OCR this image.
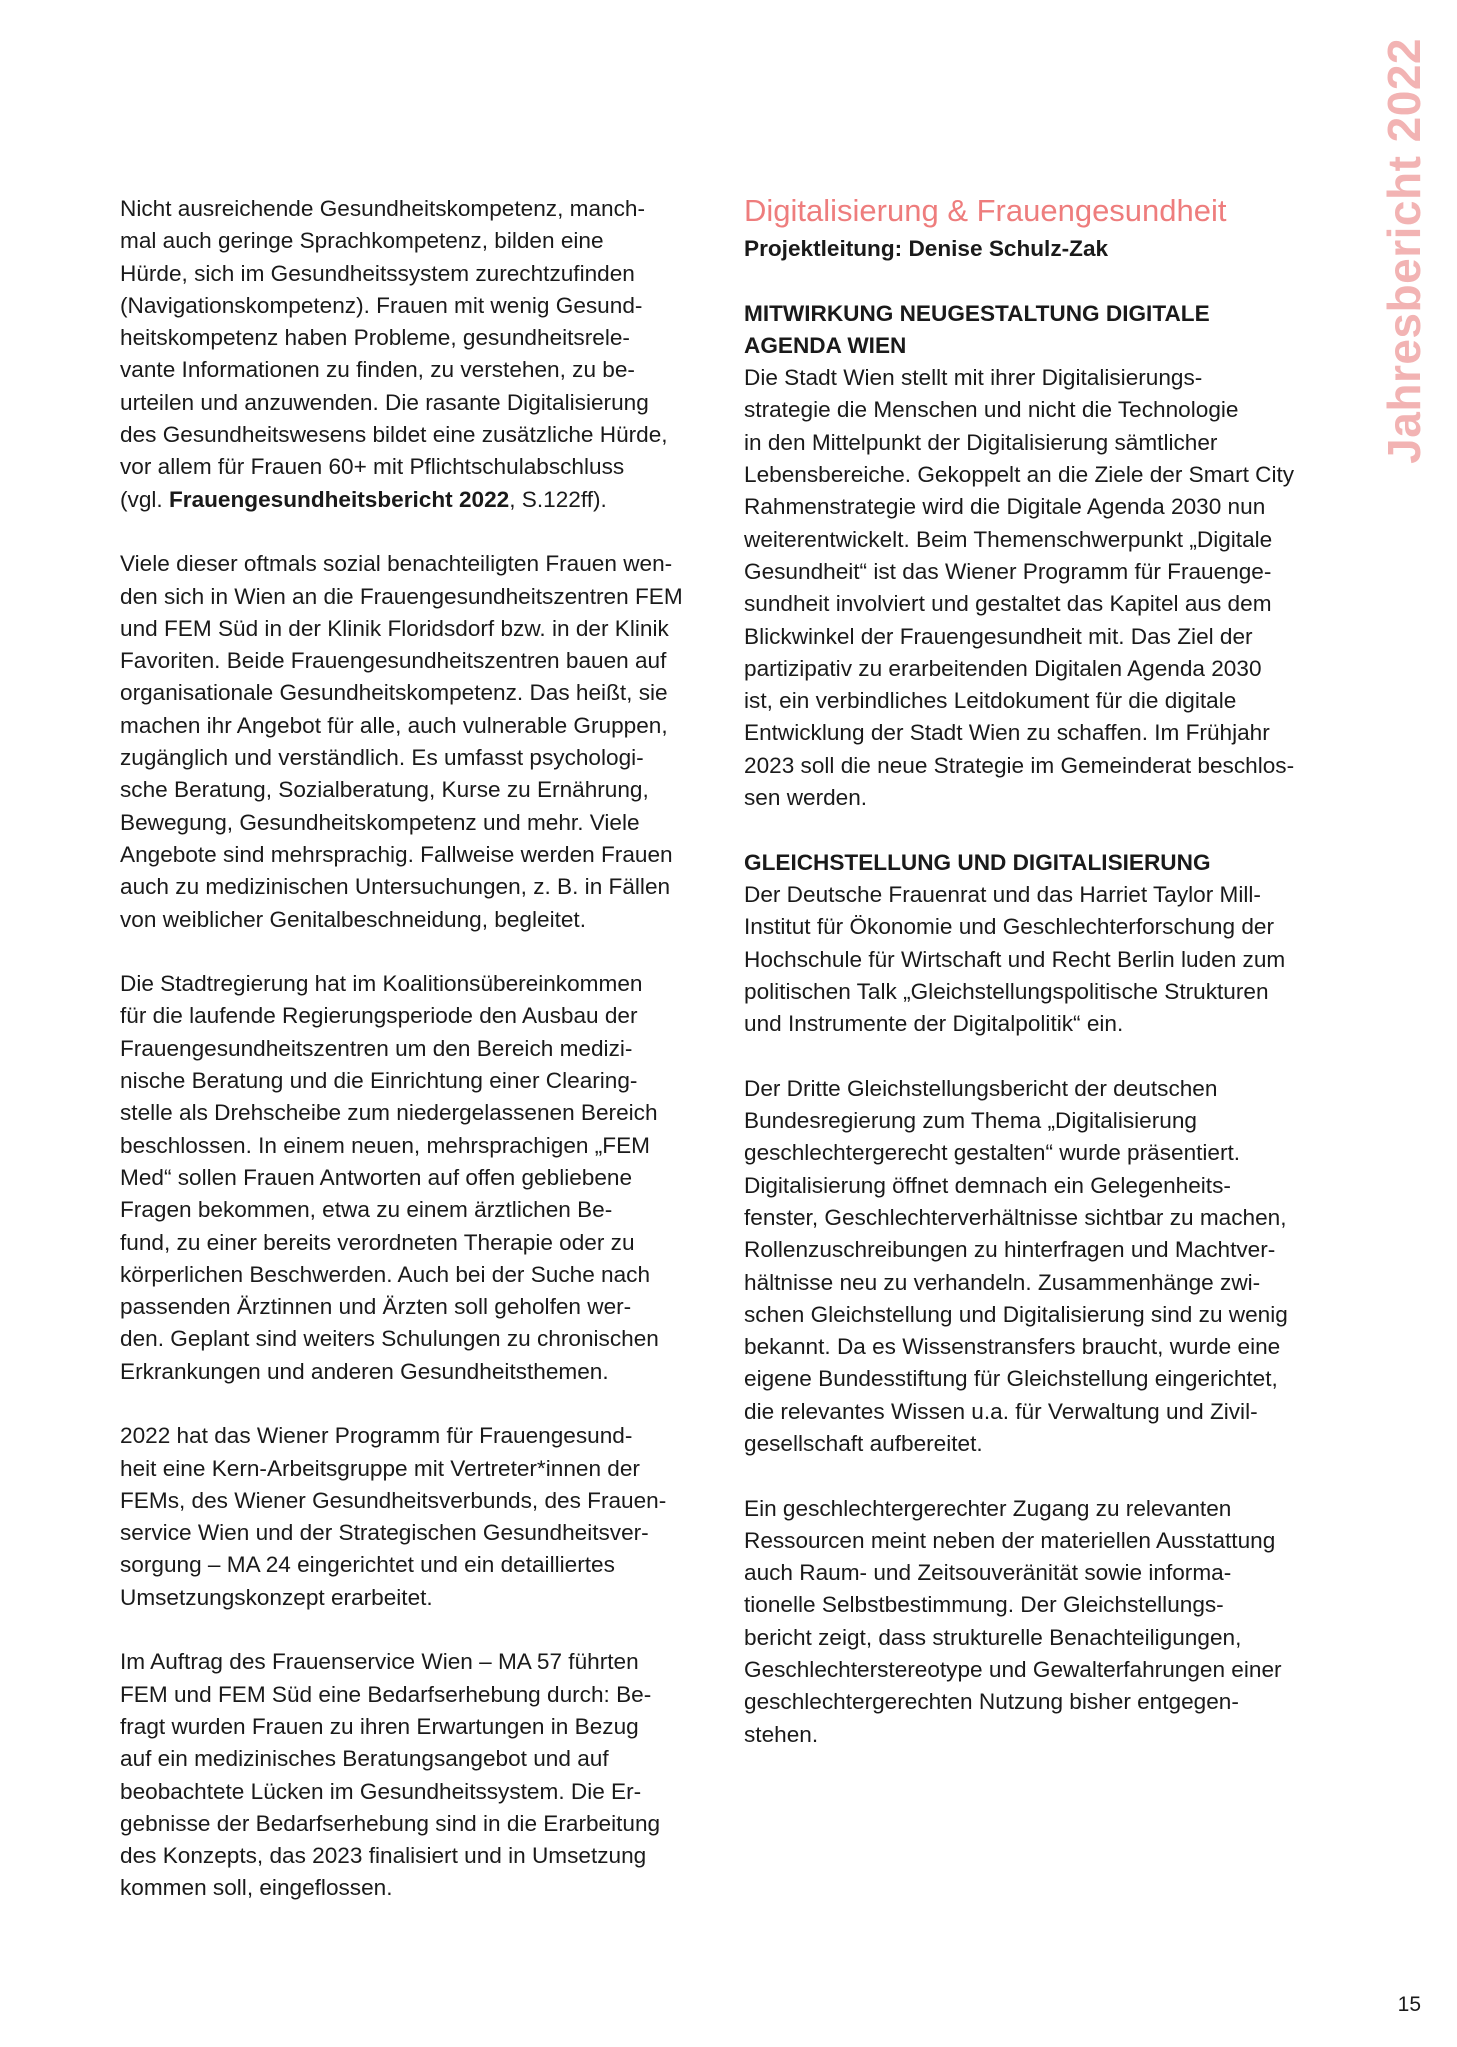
Jahresbericht 2022

Nicht ausreichende Gesundheitskompetenz, manch-
mal auch geringe Sprachkompetenz, bilden eine
Hürde, sich im Gesundheitssystem zurechtzufinden
(Navigationskompetenz). Frauen mit wenig Gesund-
heitskompetenz haben Probleme, gesundheitsrele-
vante Informationen zu finden, zu verstehen, zu be-
urteilen und anzuwenden. Die rasante Digitalisierung
des Gesundheitswesens bildet eine zusätzliche Hürde,
vor allem für Frauen 60+ mit Pflichtschulabschluss
(vgl. Frauengesundheitsbericht 2022, S.122ff).

Viele dieser oftmals sozial benachteiligten Frauen wen-
den sich in Wien an die Frauengesundheitszentren FEM
und FEM Süd in der Klinik Floridsdorf bzw. in der Klinik
Favoriten. Beide Frauengesundheitszentren bauen auf
organisationale Gesundheitskompetenz. Das heißt, sie
machen ihr Angebot für alle, auch vulnerable Gruppen,
zugänglich und verständlich. Es umfasst psychologi-
sche Beratung, Sozialberatung, Kurse zu Ernährung,
Bewegung, Gesundheitskompetenz und mehr. Viele
Angebote sind mehrsprachig. Fallweise werden Frauen
auch zu medizinischen Untersuchungen, z. B. in Fällen
von weiblicher Genitalbeschneidung, begleitet.

Die Stadtregierung hat im Koalitionsübereinkommen
für die laufende Regierungsperiode den Ausbau der
Frauengesundheitszentren um den Bereich medizi-
nische Beratung und die Einrichtung einer Clearing-
stelle als Drehscheibe zum niedergelassenen Bereich
beschlossen. In einem neuen, mehrsprachigen „FEM
Med“ sollen Frauen Antworten auf offen gebliebene
Fragen bekommen, etwa zu einem ärztlichen Be-
fund, zu einer bereits verordneten Therapie oder zu
körperlichen Beschwerden. Auch bei der Suche nach
passenden Ärztinnen und Ärzten soll geholfen wer-
den. Geplant sind weiters Schulungen zu chronischen
Erkrankungen und anderen Gesundheitsthemen.

2022 hat das Wiener Programm für Frauengesund-
heit eine Kern-Arbeitsgruppe mit Vertreter*innen der
FEMs, des Wiener Gesundheitsverbunds, des Frauen-
service Wien und der Strategischen Gesundheitsver-
sorgung – MA 24 eingerichtet und ein detailliertes
Umsetzungskonzept erarbeitet.

Im Auftrag des Frauenservice Wien – MA 57 führten
FEM und FEM Süd eine Bedarfserhebung durch: Be-
fragt wurden Frauen zu ihren Erwartungen in Bezug
auf ein medizinisches Beratungsangebot und auf
beobachtete Lücken im Gesundheitssystem. Die Er-
gebnisse der Bedarfserhebung sind in die Erarbeitung
des Konzepts, das 2023 finalisiert und in Umsetzung
kommen soll, eingeflossen.

Digitalisierung & Frauengesundheit
Projektleitung: Denise Schulz-Zak
MITWIRKUNG NEUGESTALTUNG DIGITALE
AGENDA WIEN

Die Stadt Wien stellt mit ihrer Digitalisierungs-
strategie die Menschen und nicht die Technologie
in den Mittelpunkt der Digitalisierung sämtlicher
Lebensbereiche. Gekoppelt an die Ziele der Smart City
Rahmenstrategie wird die Digitale Agenda 2030 nun
weiterentwickelt. Beim Themenschwerpunkt „Digitale
Gesundheit“ ist das Wiener Programm für Frauenge-
sundheit involviert und gestaltet das Kapitel aus dem
Blickwinkel der Frauengesundheit mit. Das Ziel der
partizipativ zu erarbeitenden Digitalen Agenda 2030
ist, ein verbindliches Leitdokument für die digitale
Entwicklung der Stadt Wien zu schaffen. Im Frühjahr
2023 soll die neue Strategie im Gemeinderat beschlos-
sen werden.

GLEICHSTELLUNG UND DIGITALISIERUNG

Der Deutsche Frauenrat und das Harriet Taylor Mill-
Institut für Ökonomie und Geschlechterforschung der
Hochschule für Wirtschaft und Recht Berlin luden zum
politischen Talk „Gleichstellungspolitische Strukturen
und Instrumente der Digitalpolitik“ ein.

Der Dritte Gleichstellungsbericht der deutschen
Bundesregierung zum Thema „Digitalisierung
geschlechtergerecht gestalten“ wurde präsentiert.
Digitalisierung öffnet demnach ein Gelegenheits-
fenster, Geschlechterverhältnisse sichtbar zu machen,
Rollenzuschreibungen zu hinterfragen und Machtver-
hältnisse neu zu verhandeln. Zusammenhänge zwi-
schen Gleichstellung und Digitalisierung sind zu wenig
bekannt. Da es Wissenstransfers braucht, wurde eine
eigene Bundesstiftung für Gleichstellung eingerichtet,
die relevantes Wissen u.a. für Verwaltung und Zivil-
gesellschaft aufbereitet.

Ein geschlechtergerechter Zugang zu relevanten
Ressourcen meint neben der materiellen Ausstattung
auch Raum- und Zeitsouveränität sowie informa-
tionelle Selbstbestimmung. Der Gleichstellungs-
bericht zeigt, dass strukturelle Benachteiligungen,
Geschlechterstereotype und Gewalterfahrungen einer
geschlechtergerechten Nutzung bisher entgegen-
stehen.

15
